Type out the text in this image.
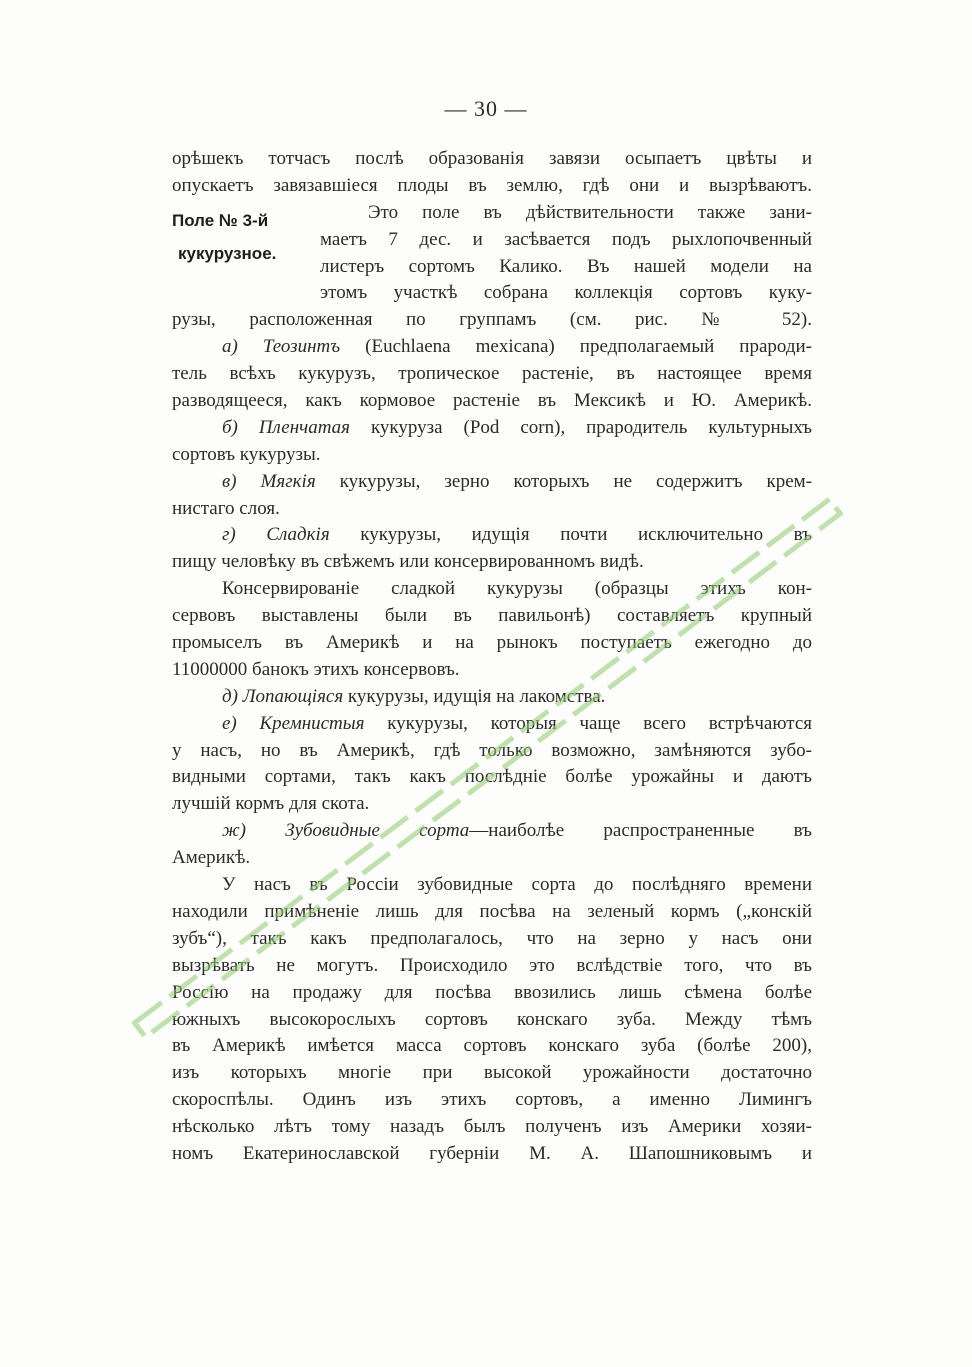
— 30 —
орѣшекъ тотчасъ послѣ образованія завязи осыпаетъ цвѣты и
опускаетъ завязавшіеся плоды въ землю, гдѣ они и вызрѣваютъ.
Поле № 3-й
кукурузное.
Это поле въ дѣйствительности также зани-
маетъ 7 дес. и засѣвается подъ рыхлопочвенный
листеръ сортомъ Калико. Въ нашей модели на
этомъ участкѣ собрана коллекція сортовъ куку-
рузы, расположенная по группамъ (см. рис. № 52).
а) Теозинтъ (Euchlaena mexicana) предполагаемый прароди-
тель всѣхъ кукурузъ, тропическое растеніе, въ настоящее время
разводящееся, какъ кормовое растеніе въ Мексикѣ и Ю. Америкѣ.
б) Пленчатая кукуруза (Pod corn), прародитель культурныхъ
сортовъ кукурузы.
в) Мягкія кукурузы, зерно которыхъ не содержитъ крем-
нистаго слоя.
г) Сладкія кукурузы, идущія почти исключительно въ
пищу человѣку въ свѣжемъ или консервированномъ видѣ.
Консервированіе сладкой кукурузы (образцы этихъ кон-
сервовъ выставлены были въ павильонѣ) составляетъ крупный
промыселъ въ Америкѣ и на рынокъ поступаетъ ежегодно до
11000000 банокъ этихъ консервовъ.
д) Лопающіяся кукурузы, идущія на лакомства.
е) Кремнистыя кукурузы, которыя чаще всего встрѣчаются
у насъ, но въ Америкѣ, гдѣ только возможно, замѣняются зубо-
видными сортами, такъ какъ послѣдніе болѣе урожайны и даютъ
лучшій кормъ для скота.
ж) Зубовидные сорта—наиболѣе распространенные въ
Америкѣ.
У насъ въ Россіи зубовидные сорта до послѣдняго времени
находили примѣненіе лишь для посѣва на зеленый кормъ („конскій
зубъ“), такъ какъ предполагалось, что на зерно у насъ они
вызрѣвать не могутъ. Происходило это вслѣдствіе того, что въ
Россію на продажу для посѣва ввозились лишь сѣмена болѣе
южныхъ высокорослыхъ сортовъ конскаго зуба. Между тѣмъ
въ Америкѣ имѣется масса сортовъ конскаго зуба (болѣе 200),
изъ которыхъ многіе при высокой урожайности достаточно
скороспѣлы. Одинъ изъ этихъ сортовъ, а именно Лимингъ
нѣсколько лѣтъ тому назадъ былъ полученъ изъ Америки хозяи-
номъ Екатеринославской губерніи М. А. Шапошниковымъ и
